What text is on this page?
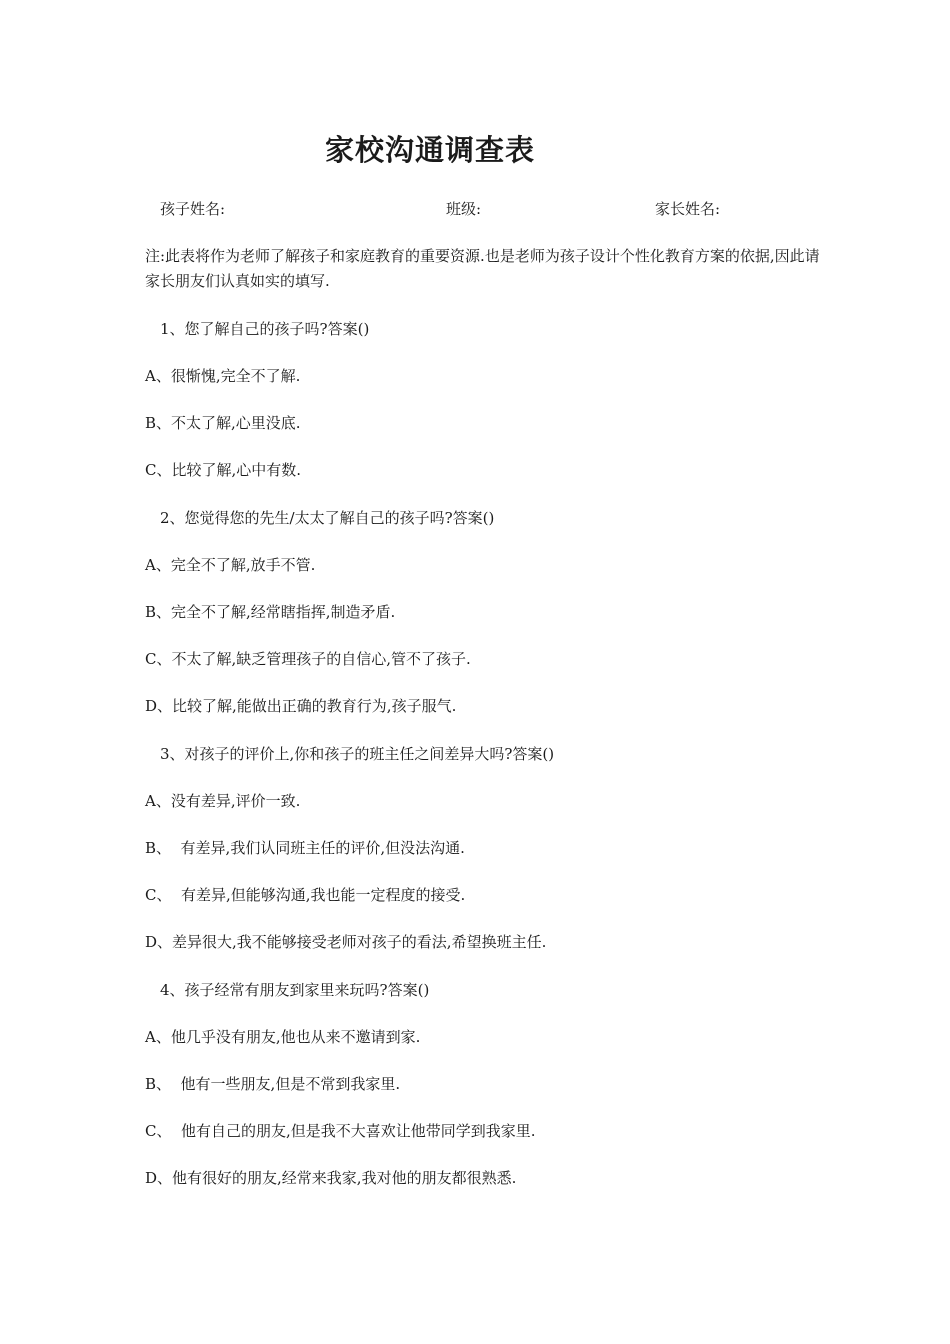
家校沟通调查表
孩子姓名:	班级:	家长姓名:

注:此表将作为老师了解孩子和家庭教育的重要资源.也是老师为孩子设计个性化教育方案的依据,因此请家长朋友们认真如实的填写.

1、您了解自己的孩子吗?答案()

A、很惭愧,完全不了解.

B、不太了解,心里没底.

C、比较了解,心中有数.

2、您觉得您的先生/太太了解自己的孩子吗?答案()

A、完全不了解,放手不管.

B、完全不了解,经常瞎指挥,制造矛盾.

C、不太了解,缺乏管理孩子的自信心,管不了孩子.

D、比较了解,能做出正确的教育行为,孩子服气.

3、对孩子的评价上,你和孩子的班主任之间差异大吗?答案()

A、没有差异,评价一致.

B、  有差异,我们认同班主任的评价,但没法沟通.

C、  有差异,但能够沟通,我也能一定程度的接受.

D、差异很大,我不能够接受老师对孩子的看法,希望换班主任.

4、孩子经常有朋友到家里来玩吗?答案()

A、他几乎没有朋友,他也从来不邀请到家.

B、  他有一些朋友,但是不常到我家里.

C、  他有自己的朋友,但是我不大喜欢让他带同学到我家里.

D、他有很好的朋友,经常来我家,我对他的朋友都很熟悉.
